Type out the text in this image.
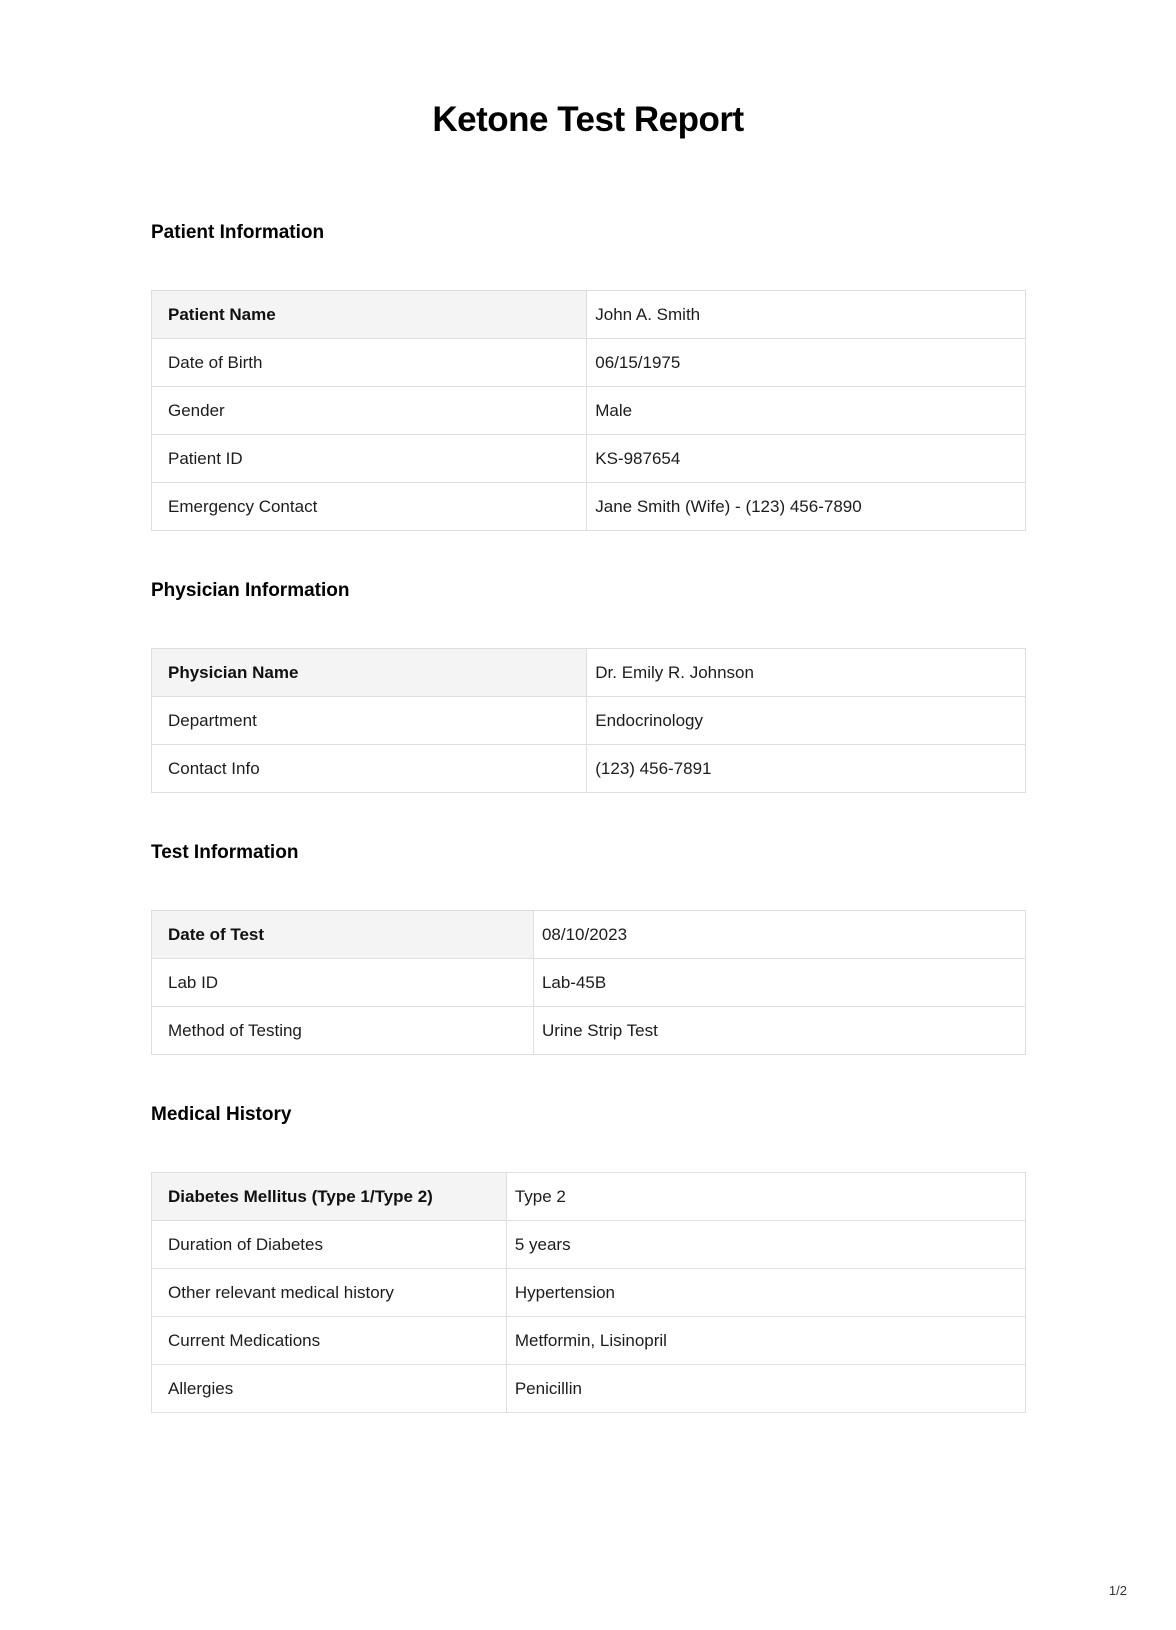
Ketone Test Report
Patient Information
Patient Name	John A. Smith
Date of Birth	06/15/1975
Gender	Male
Patient ID	KS-987654
Emergency Contact	Jane Smith (Wife) - (123) 456-7890
Physician Information
Physician Name	Dr. Emily R. Johnson
Department	Endocrinology
Contact Info	(123) 456-7891
Test Information
Date of Test	08/10/2023
Lab ID	Lab-45B
Method of Testing	Urine Strip Test
Medical History
Diabetes Mellitus (Type 1/Type 2)	Type 2
Duration of Diabetes	5 years
Other relevant medical history	Hypertension
Current Medications	Metformin, Lisinopril
Allergies	Penicillin
1/2
